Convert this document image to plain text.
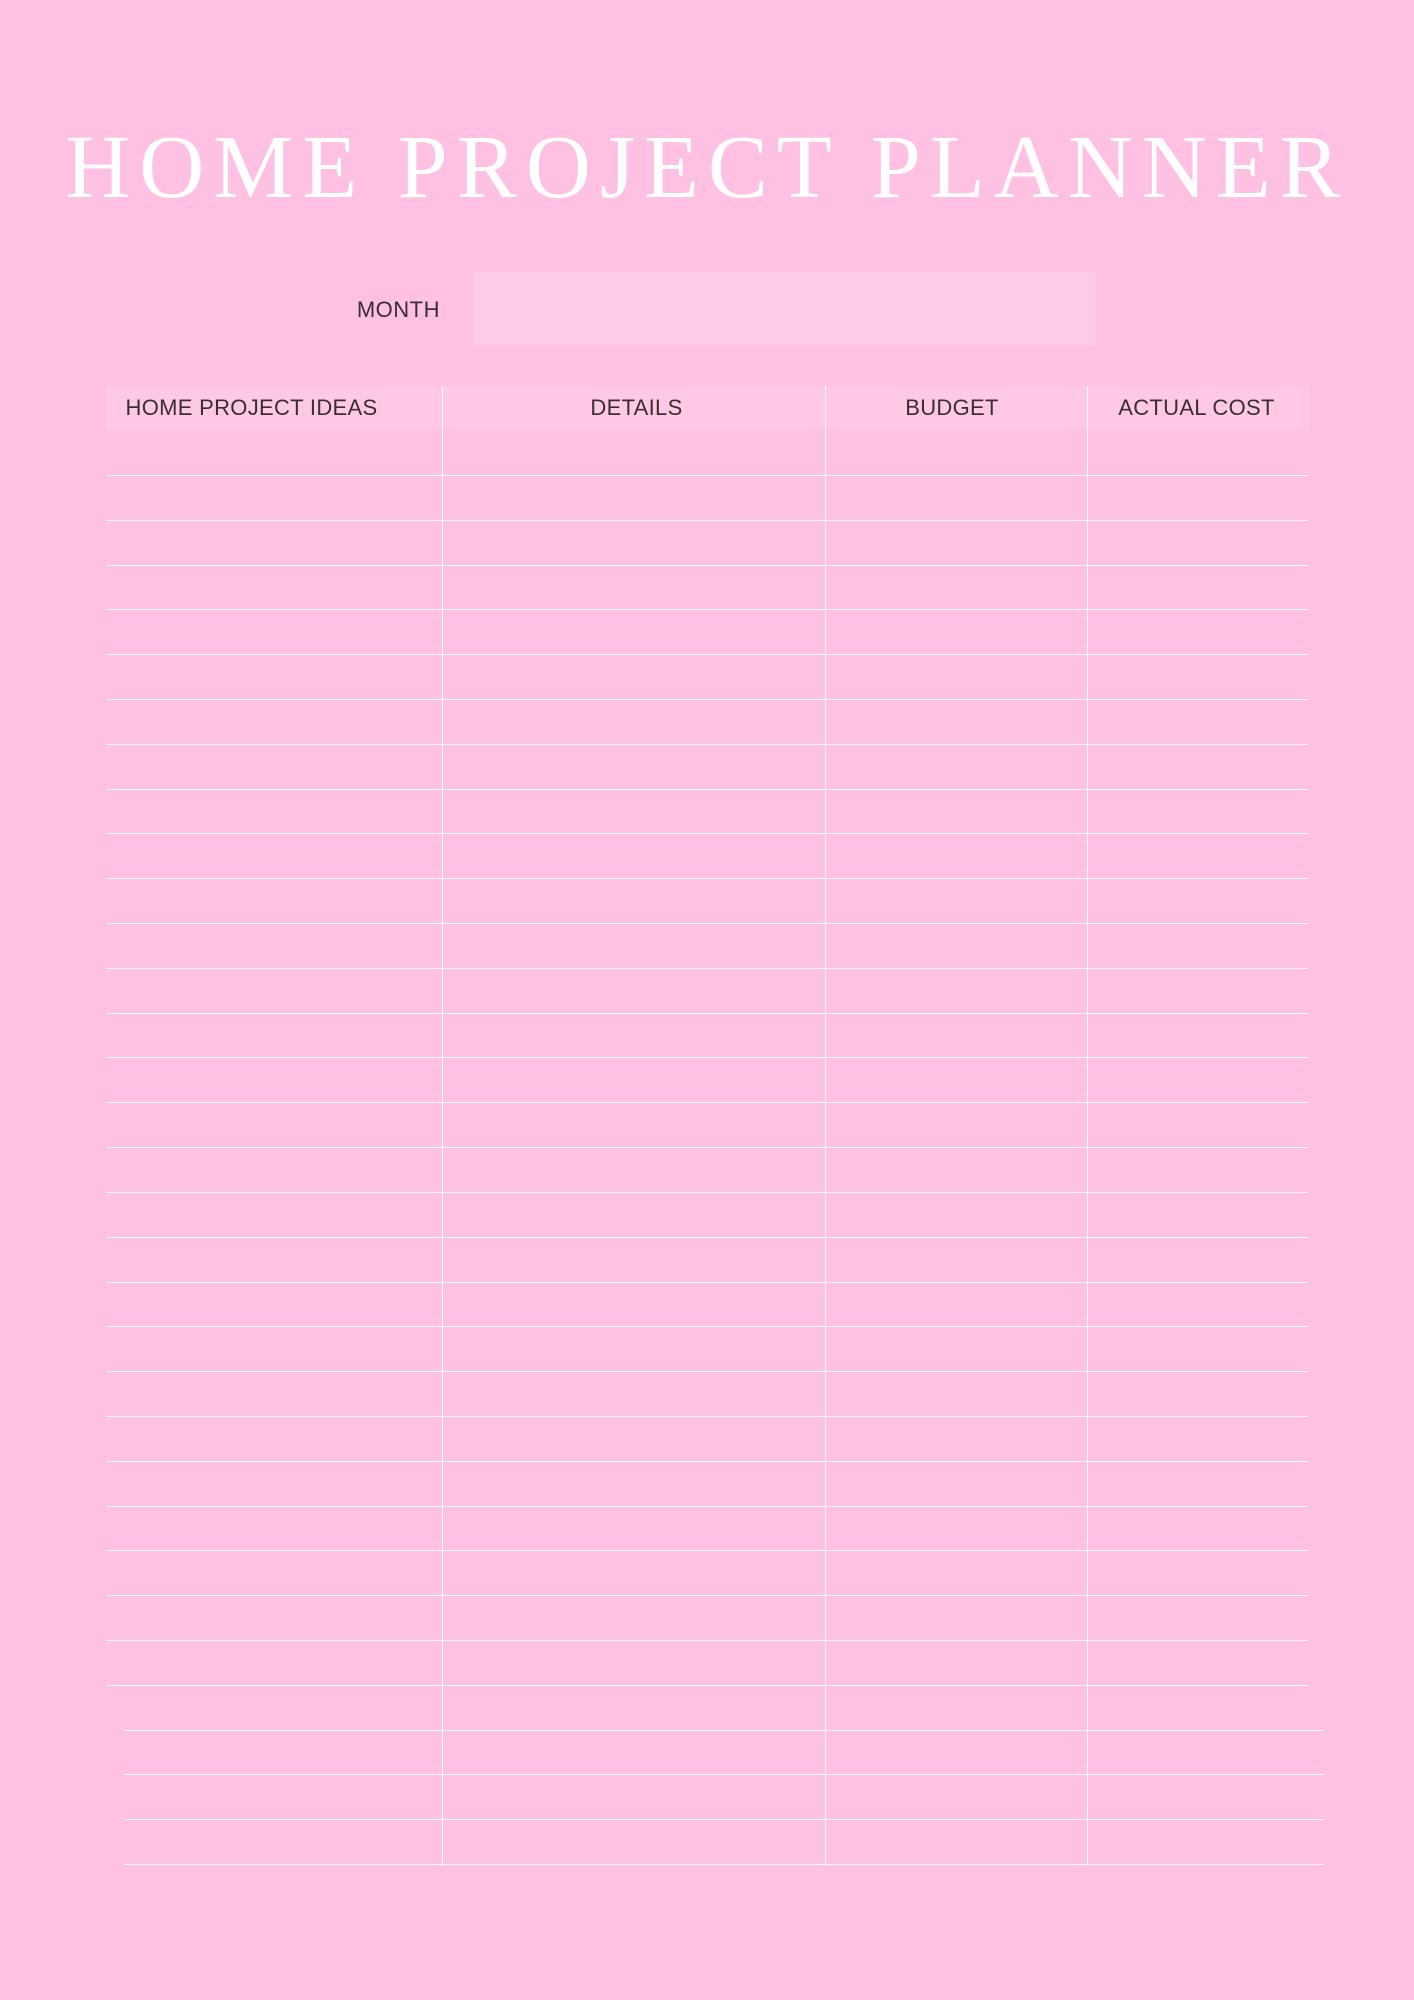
HOME PROJECT PLANNER
MONTH
HOME PROJECT IDEAS	DETAILS	BUDGET	ACTUAL COST
